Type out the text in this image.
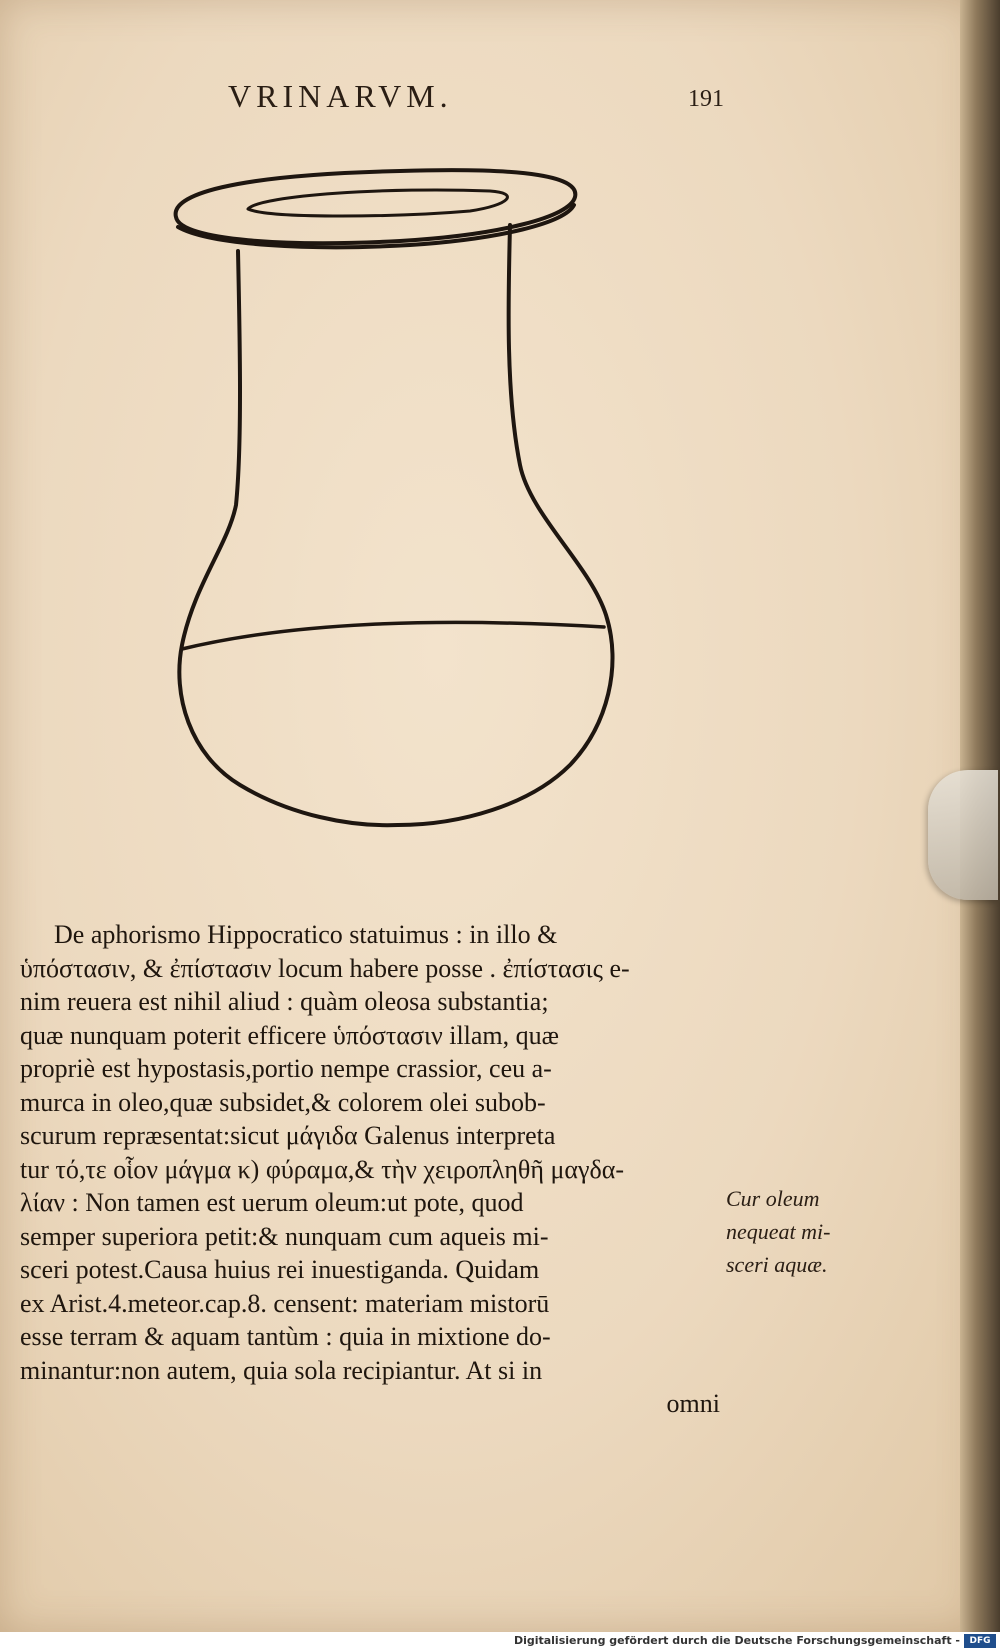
VRINARVM.	191
De aphorismo Hippocratico statuimus : in illo &
ὑπόστασιν, & ἐπίστασιν locum habere posse . ἐπίστασις e-
nim reuera est nihil aliud : quàm oleosa substantia;
quæ nunquam poterit efficere ὑπόστασιν illam, quæ
propriè est hypostasis,portio nempe crassior, ceu a-
murca in oleo,quæ subsidet,& colorem olei subob-
scurum repræsentat:sicut μάγιδα Galenus interpreta
tur τό,τε οἷον μάγμα κ) φύραμα,& τὴν χειροπληθῆ μαγδα-
λίαν : Non tamen est uerum oleum:ut pote, quod
semper superiora petit:& nunquam cum aqueis mi-
sceri potest.Causa huius rei inuestiganda. Quidam
ex Arist.4.meteor.cap.8. censent: materiam mistorū
esse terram & aquam tantùm : quia in mixtione do-
minantur:non autem, quia sola recipiantur. At si in
omni
Cur oleum
nequeat mi-
sceri aquæ.
Digitalisierung gefördert durch die Deutsche Forschungsgemeinschaft -	DFG
